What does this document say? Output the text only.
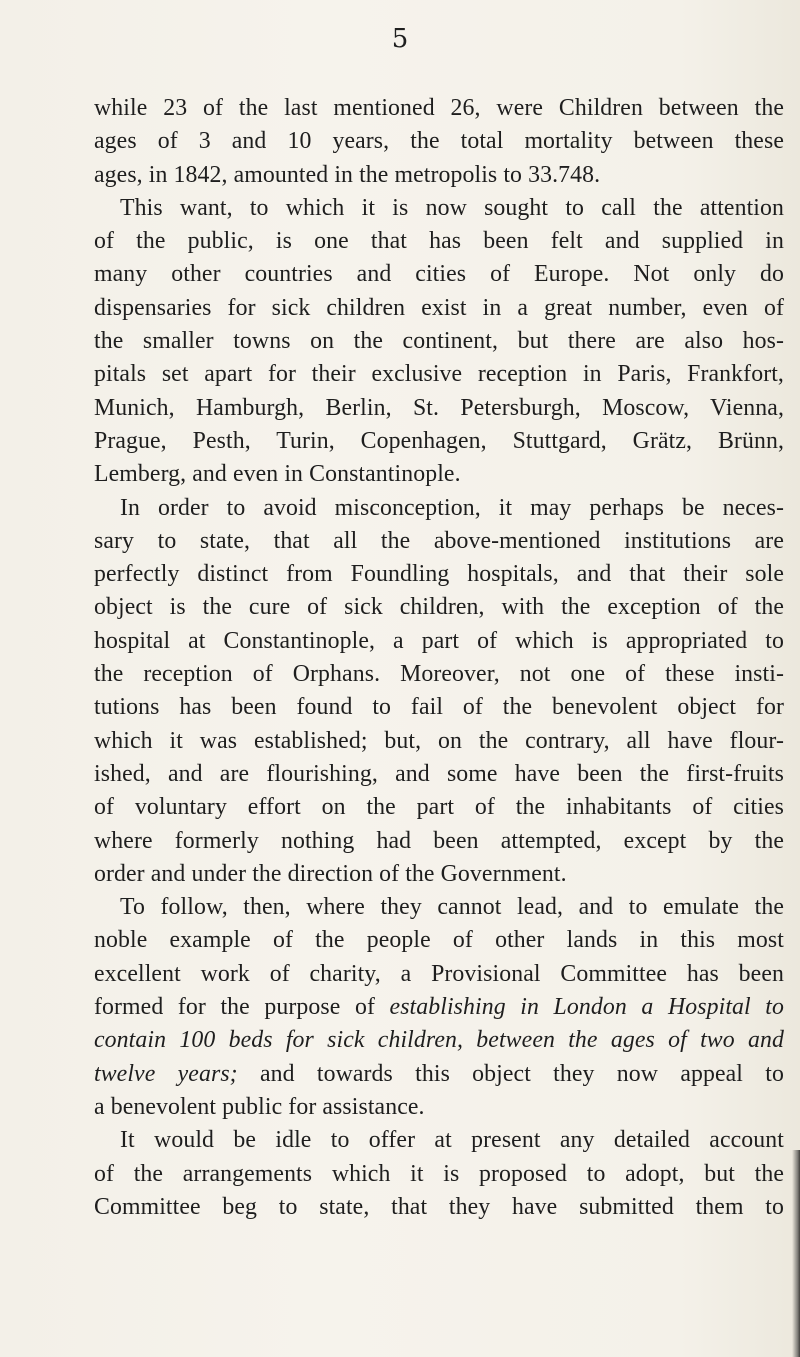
5
while 23 of the last mentioned 26, were Children between the
ages of 3 and 10 years, the total mortality between these
ages, in 1842, amounted in the metropolis to 33.748.
This want, to which it is now sought to call the attention
of the public, is one that has been felt and supplied in
many other countries and cities of Europe. Not only do
dispensaries for sick children exist in a great number, even of
the smaller towns on the continent, but there are also hos-
pitals set apart for their exclusive reception in Paris, Frankfort,
Munich, Hamburgh, Berlin, St. Petersburgh, Moscow, Vienna,
Prague, Pesth, Turin, Copenhagen, Stuttgard, Grätz, Brünn,
Lemberg, and even in Constantinople.
In order to avoid misconception, it may perhaps be neces-
sary to state, that all the above-mentioned institutions are
perfectly distinct from Foundling hospitals, and that their sole
object is the cure of sick children, with the exception of the
hospital at Constantinople, a part of which is appropriated to
the reception of Orphans. Moreover, not one of these insti-
tutions has been found to fail of the benevolent object for
which it was established; but, on the contrary, all have flour-
ished, and are flourishing, and some have been the first-fruits
of voluntary effort on the part of the inhabitants of cities
where formerly nothing had been attempted, except by the
order and under the direction of the Government.
To follow, then, where they cannot lead, and to emulate the
noble example of the people of other lands in this most
excellent work of charity, a Provisional Committee has been
formed for the purpose of establishing in London a Hospital to
contain 100 beds for sick children, between the ages of two and
twelve years; and towards this object they now appeal to
a benevolent public for assistance.
It would be idle to offer at present any detailed account
of the arrangements which it is proposed to adopt, but the
Committee beg to state, that they have submitted them to
